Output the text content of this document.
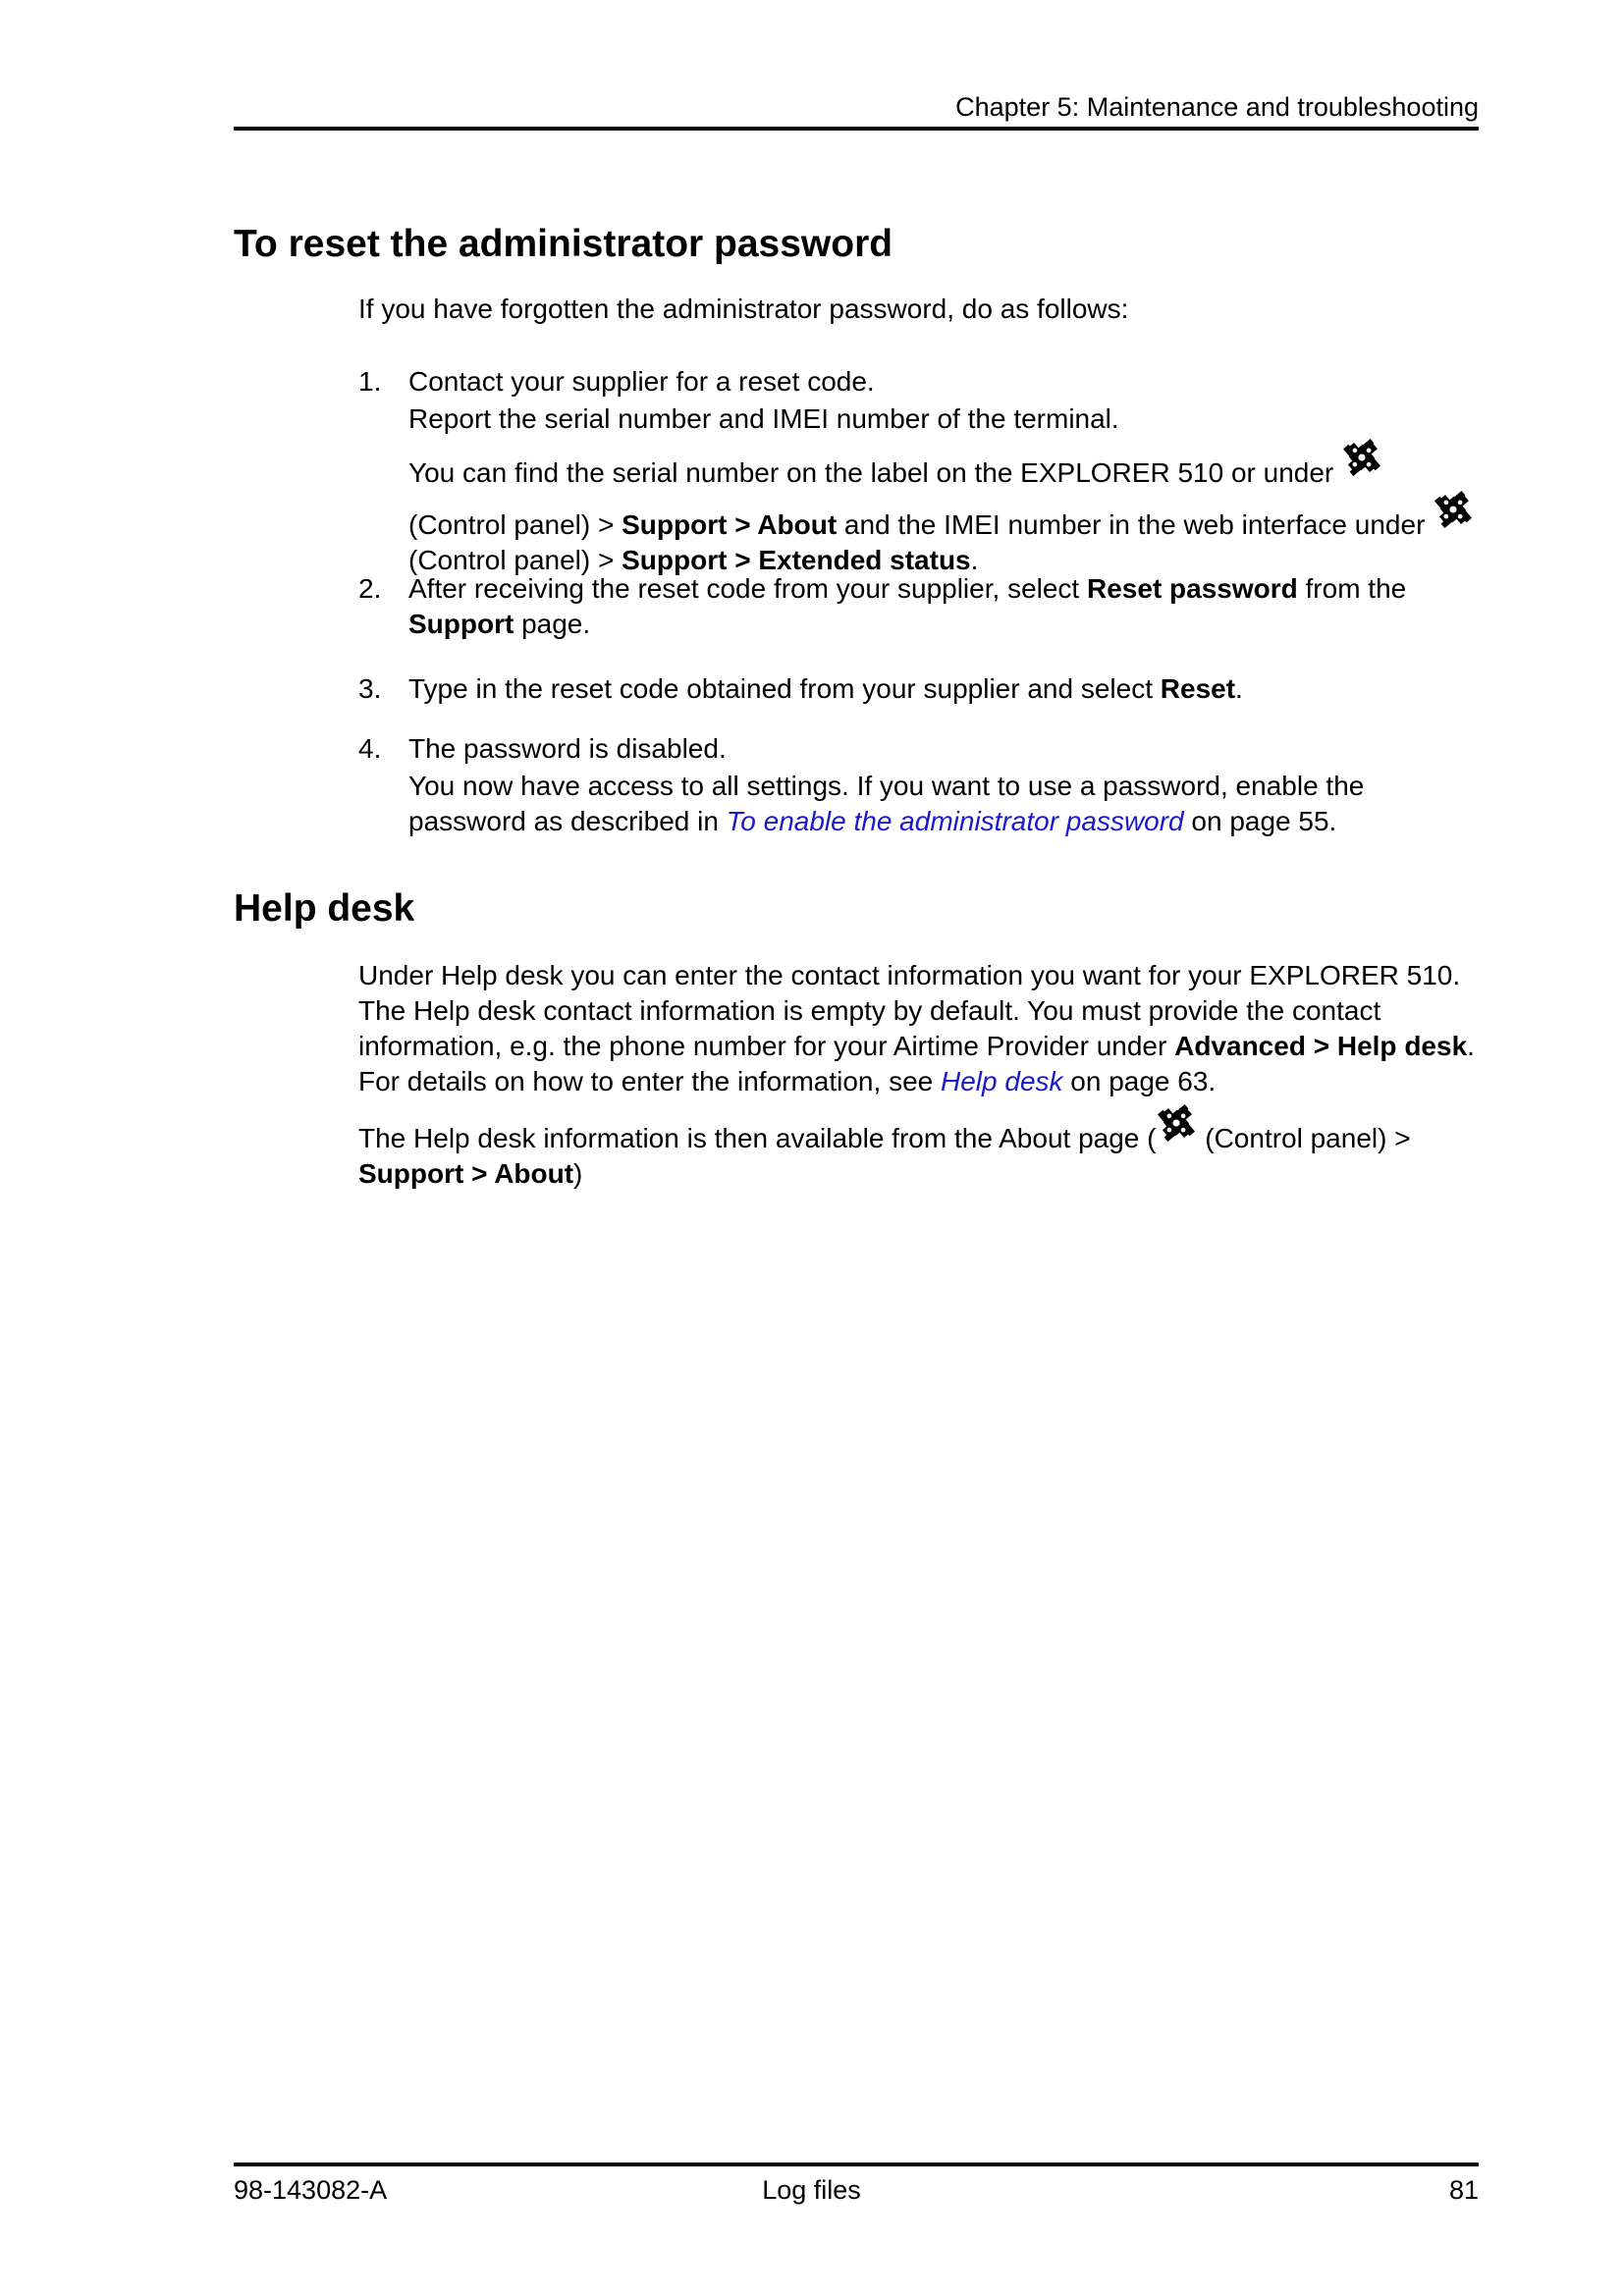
Chapter 5: Maintenance and troubleshooting
To reset the administrator password
If you have forgotten the administrator password, do as follows:
1. Contact your supplier for a reset code.

Report the serial number and IMEI number of the terminal.

You can find the serial number on the label on the EXPLORER 510 or under (Control panel) > Support > About and the IMEI number in the web interface under  (Control panel) > Support > Extended status.

2. After receiving the reset code from your supplier, select Reset password from the Support page.

3. Type in the reset code obtained from your supplier and select Reset.

4. The password is disabled.

You now have access to all settings. If you want to use a password, enable the password as described in To enable the administrator password on page 55.

Help desk
Under Help desk you can enter the contact information you want for your EXPLORER 510. The Help desk contact information is empty by default. You must provide the contact information, e.g. the phone number for your Airtime Provider under Advanced > Help desk. For details on how to enter the information, see Help desk on page 63.
The Help desk information is then available from the About page ( (Control panel) >
Support > About)
98-143082-A	Log files	81
